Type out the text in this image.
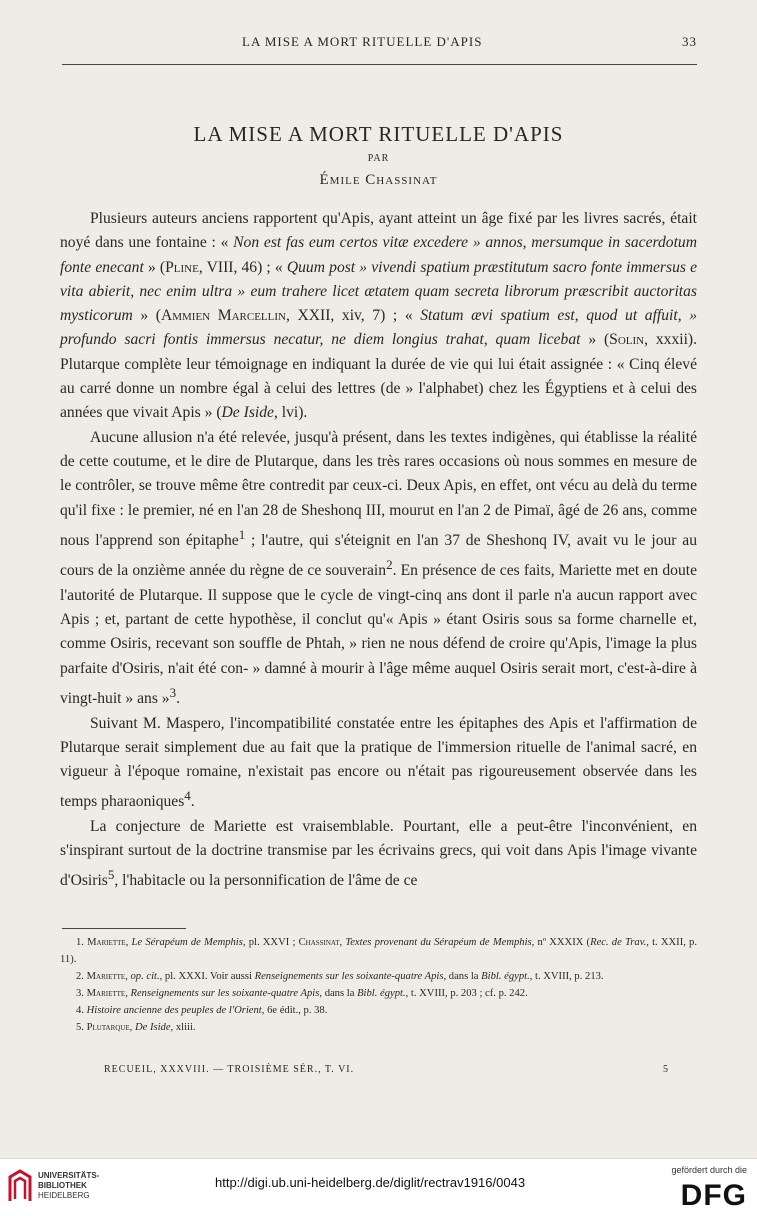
LA MISE A MORT RITUELLE D'APIS	33
LA MISE A MORT RITUELLE D'APIS
PAR
Émile Chassinat

Plusieurs auteurs anciens rapportent qu'Apis, ayant atteint un âge fixé par les livres sacrés, était noyé dans une fontaine : « Non est fas eum certos vitæ excedere » annos, mersumque in sacerdotum fonte enecant » (Pline, VIII, 46) ; « Quum post » vivendi spatium præstitutum sacro fonte immersus e vita abierit, nec enim ultra » eum trahere licet ætatem quam secreta librorum præscribit auctoritas mysticorum » (Ammien Marcellin, XXII, xiv, 7) ; « Statum ævi spatium est, quod ut affuit, » profundo sacri fontis immersus necatur, ne diem longius trahat, quam licebat » (Solin, xxxii). Plutarque complète leur témoignage en indiquant la durée de vie qui lui était assignée : « Cinq élevé au carré donne un nombre égal à celui des lettres (de » l'alphabet) chez les Égyptiens et à celui des années que vivait Apis » (De Iside, lvi).

Aucune allusion n'a été relevée, jusqu'à présent, dans les textes indigènes, qui établisse la réalité de cette coutume, et le dire de Plutarque, dans les très rares occasions où nous sommes en mesure de le contrôler, se trouve même être contredit par ceux-ci. Deux Apis, en effet, ont vécu au delà du terme qu'il fixe : le premier, né en l'an 28 de Sheshonq III, mourut en l'an 2 de Pimaï, âgé de 26 ans, comme nous l'apprend son épitaphe$^1$ ; l'autre, qui s'éteignit en l'an 37 de Sheshonq IV, avait vu le jour au cours de la onzième année du règne de ce souverain$^2$. En présence de ces faits, Mariette met en doute l'autorité de Plutarque. Il suppose que le cycle de vingt-cinq ans dont il parle n'a aucun rapport avec Apis ; et, partant de cette hypothèse, il conclut qu'« Apis » étant Osiris sous sa forme charnelle et, comme Osiris, recevant son souffle de Phtah, » rien ne nous défend de croire qu'Apis, l'image la plus parfaite d'Osiris, n'ait été con- » damné à mourir à l'âge même auquel Osiris serait mort, c'est-à-dire à vingt-huit » ans »$^3$.

Suivant M. Maspero, l'incompatibilité constatée entre les épitaphes des Apis et l'affirmation de Plutarque serait simplement due au fait que la pratique de l'immersion rituelle de l'animal sacré, en vigueur à l'époque romaine, n'existait pas encore ou n'était pas rigoureusement observée dans les temps pharaoniques$^4$.

La conjecture de Mariette est vraisemblable. Pourtant, elle a peut-être l'inconvénient, en s'inspirant surtout de la doctrine transmise par les écrivains grecs, qui voit dans Apis l'image vivante d'Osiris$^5$, l'habitacle ou la personnification de l'âme de ce

1. Mariette, Le Sérapéum de Memphis, pl. XXVI ; Chassinat, Textes provenant du Sérapéum de Memphis, nº XXXIX (Rec. de Trav., t. XXII, p. 11).

2. Mariette, op. cit., pl. XXXI. Voir aussi Renseignements sur les soixante-quatre Apis, dans la Bibl. égypt., t. XVIII, p. 213.

3. Mariette, Renseignements sur les soixante-quatre Apis, dans la Bibl. égypt., t. XVIII, p. 203 ; cf. p. 242.

4. Histoire ancienne des peuples de l'Orient, 6e édit., p. 38.

5. Plutarque, De Iside, xliii.

RECUEIL, XXXVIII. — TROISIÈME SÉR., T. VI.	5
UNIVERSITÄTS-
BIBLIOTHEK
HEIDELBERG
http://digi.ub.uni-heidelberg.de/diglit/rectrav1916/0043
gefördert durch die
DFG
